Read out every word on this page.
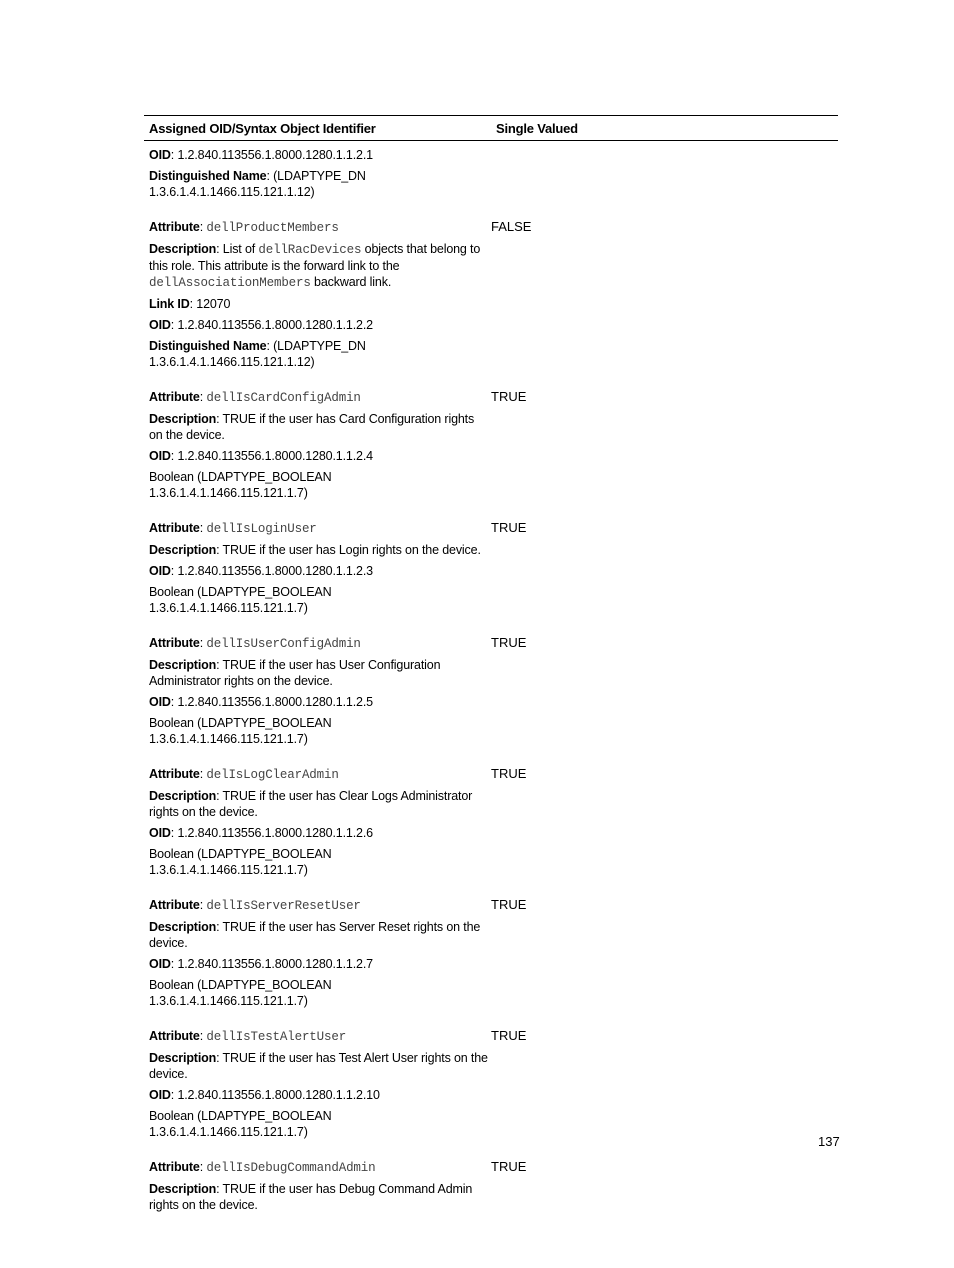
Assigned OID/Syntax Object Identifier	Single Valued

OID: 1.2.840.113556.1.8000.1280.1.1.2.1

Distinguished Name: (LDAPTYPE_DN 1.3.6.1.4.1.1466.115.121.1.12)

Attribute: dellProductMembers

Description: List of dellRacDevices objects that belong to this role. This attribute is the forward link to the dellAssociationMembers backward link.

Link ID: 12070

OID: 1.2.840.113556.1.8000.1280.1.1.2.2

Distinguished Name: (LDAPTYPE_DN 1.3.6.1.4.1.1466.115.121.1.12)

FALSE

Attribute: dellIsCardConfigAdmin

Description: TRUE if the user has Card Configuration rights on the device.

OID: 1.2.840.113556.1.8000.1280.1.1.2.4

Boolean (LDAPTYPE_BOOLEAN 1.3.6.1.4.1.1466.115.121.1.7)

TRUE

Attribute: dellIsLoginUser

Description: TRUE if the user has Login rights on the device.

OID: 1.2.840.113556.1.8000.1280.1.1.2.3

Boolean (LDAPTYPE_BOOLEAN 1.3.6.1.4.1.1466.115.121.1.7)

TRUE

Attribute: dellIsUserConfigAdmin

Description: TRUE if the user has User Configuration Administrator rights on the device.

OID: 1.2.840.113556.1.8000.1280.1.1.2.5

Boolean (LDAPTYPE_BOOLEAN 1.3.6.1.4.1.1466.115.121.1.7)

TRUE

Attribute: delIsLogClearAdmin

Description: TRUE if the user has Clear Logs Administrator rights on the device.

OID: 1.2.840.113556.1.8000.1280.1.1.2.6

Boolean (LDAPTYPE_BOOLEAN 1.3.6.1.4.1.1466.115.121.1.7)

TRUE

Attribute: dellIsServerResetUser

Description: TRUE if the user has Server Reset rights on the device.

OID: 1.2.840.113556.1.8000.1280.1.1.2.7

Boolean (LDAPTYPE_BOOLEAN 1.3.6.1.4.1.1466.115.121.1.7)

TRUE

Attribute: dellIsTestAlertUser

Description: TRUE if the user has Test Alert User rights on the device.

OID: 1.2.840.113556.1.8000.1280.1.1.2.10

Boolean (LDAPTYPE_BOOLEAN 1.3.6.1.4.1.1466.115.121.1.7)

TRUE

Attribute: dellIsDebugCommandAdmin

Description: TRUE if the user has Debug Command Admin rights on the device.

TRUE
137
